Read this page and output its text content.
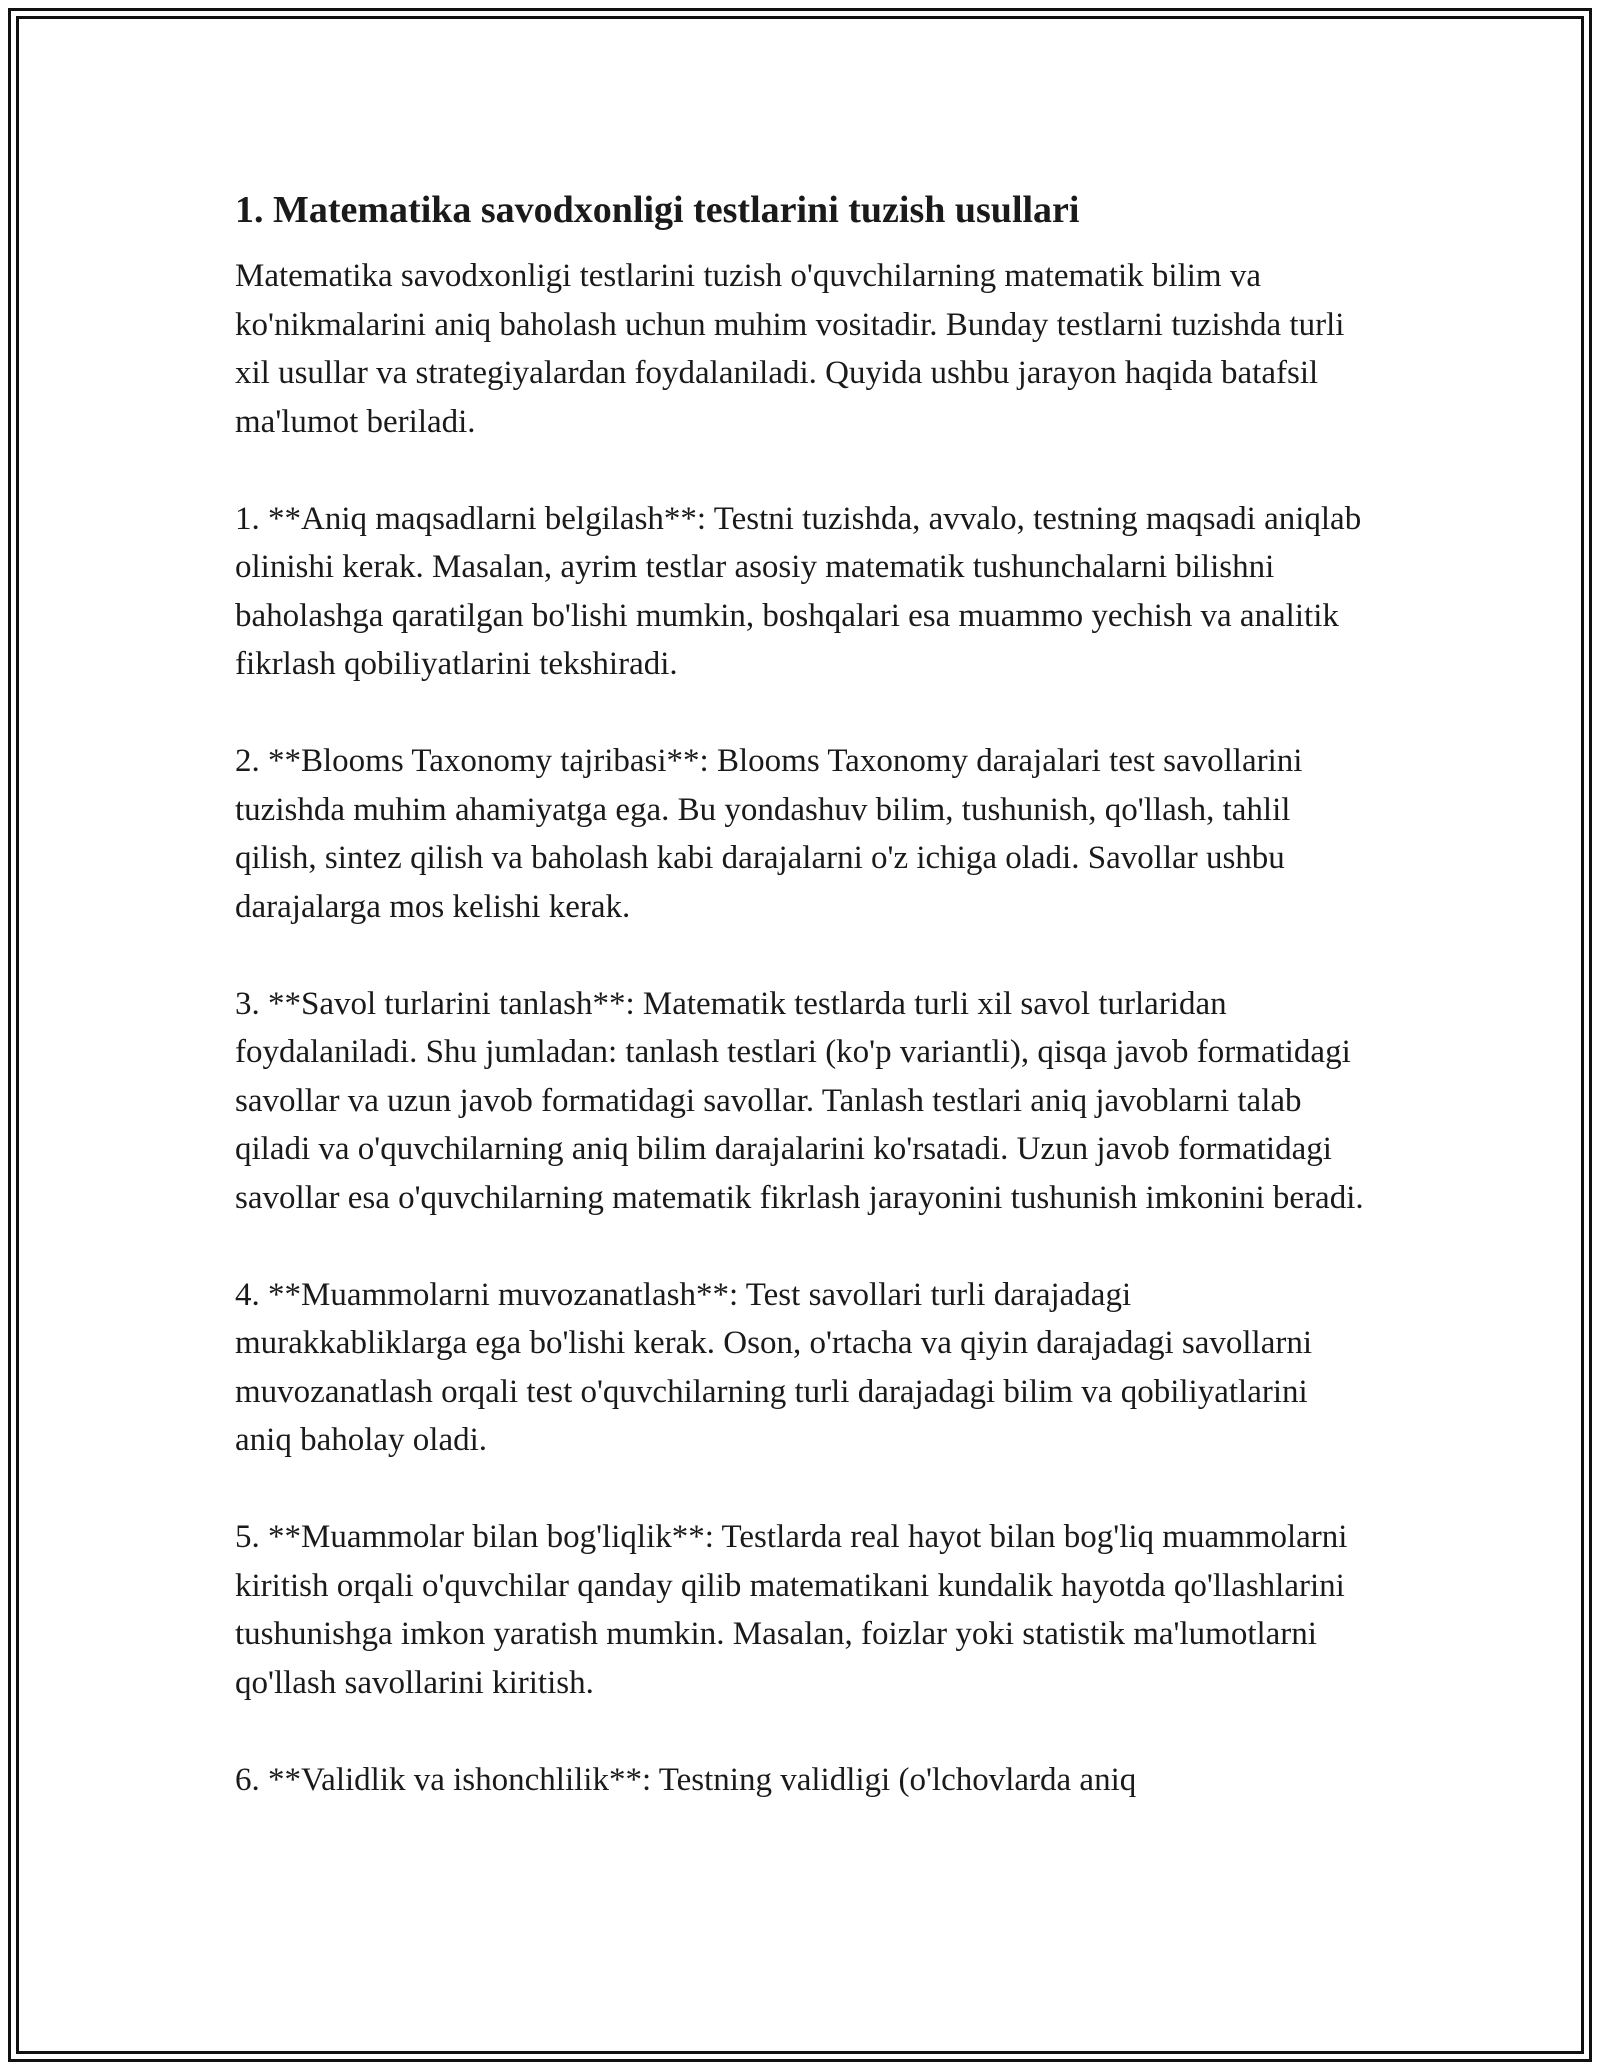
1. Matematika savodxonligi testlarini tuzish usullari

Matematika savodxonligi testlarini tuzish o'quvchilarning matematik bilim va ko'nikmalarini aniq baholash uchun muhim vositadir. Bunday testlarni tuzishda turli xil usullar va strategiyalardan foydalaniladi. Quyida ushbu jarayon haqida batafsil ma'lumot beriladi.

1. **Aniq maqsadlarni belgilash**: Testni tuzishda, avvalo, testning maqsadi aniqlab olinishi kerak. Masalan, ayrim testlar asosiy matematik tushunchalarni bilishni baholashga qaratilgan bo'lishi mumkin, boshqalari esa muammo yechish va analitik fikrlash qobiliyatlarini tekshiradi.

2. **Blooms Taxonomy tajribasi**: Blooms Taxonomy darajalari test savollarini tuzishda muhim ahamiyatga ega. Bu yondashuv bilim, tushunish, qo'llash, tahlil qilish, sintez qilish va baholash kabi darajalarni o'z ichiga oladi. Savollar ushbu darajalarga mos kelishi kerak.

3. **Savol turlarini tanlash**: Matematik testlarda turli xil savol turlaridan foydalaniladi. Shu jumladan: tanlash testlari (ko'p variantli), qisqa javob formatidagi savollar va uzun javob formatidagi savollar. Tanlash testlari aniq javoblarni talab qiladi va o'quvchilarning aniq bilim darajalarini ko'rsatadi. Uzun javob formatidagi savollar esa o'quvchilarning matematik fikrlash jarayonini tushunish imkonini beradi.

4. **Muammolarni muvozanatlash**: Test savollari turli darajadagi murakkabliklarga ega bo'lishi kerak. Oson, o'rtacha va qiyin darajadagi savollarni muvozanatlash orqali test o'quvchilarning turli darajadagi bilim va qobiliyatlarini aniq baholay oladi.

5. **Muammolar bilan bog'liqlik**: Testlarda real hayot bilan bog'liq muammolarni kiritish orqali o'quvchilar qanday qilib matematikani kundalik hayotda qo'llashlarini tushunishga imkon yaratish mumkin. Masalan, foizlar yoki statistik ma'lumotlarni qo'llash savollarini kiritish.

6. **Validlik va ishonchlilik**: Testning validligi (o'lchovlarda aniq
